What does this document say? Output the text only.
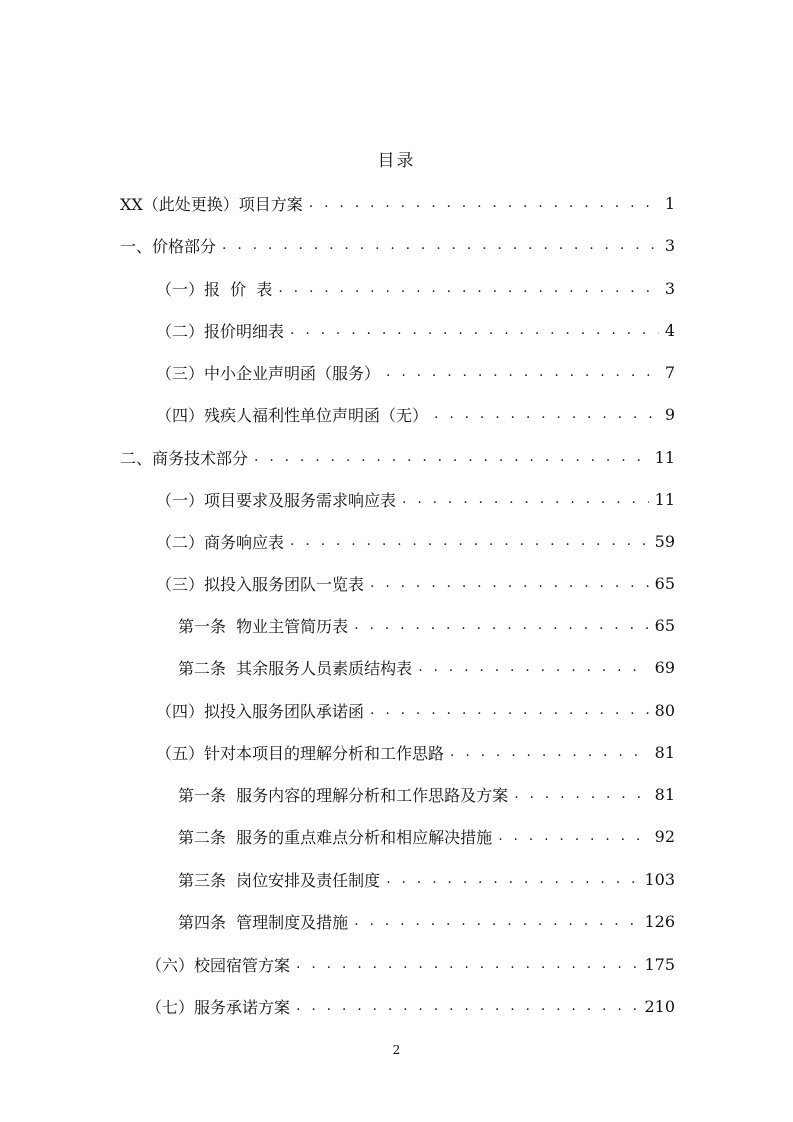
目录
XX（此处更换）项目方案 . . .	1
一、价格部分 . . .	3
（一）报  价  表 . . .	3
（二）报价明细表 . . .	4
（三）中小企业声明函（服务） . . .	7
（四）残疾人福利性单位声明函（无） . . .	9
二、商务技术部分 . . .	11
（一）项目要求及服务需求响应表 . . .	11
（二）商务响应表 . . .	59
（三）拟投入服务团队一览表 . . .	65
第一条  物业主管简历表 . . .	65
第二条  其余服务人员素质结构表 . . .	69
（四）拟投入服务团队承诺函 . . .	80
（五）针对本项目的理解分析和工作思路 . . .	81
第一条  服务内容的理解分析和工作思路及方案 . . .	81
第二条  服务的重点难点分析和相应解决措施 . . .	92
第三条  岗位安排及责任制度 . . .	103
第四条  管理制度及措施 . . .	126
（六）校园宿管方案 . . .	175
（七）服务承诺方案 . . .	210
2
